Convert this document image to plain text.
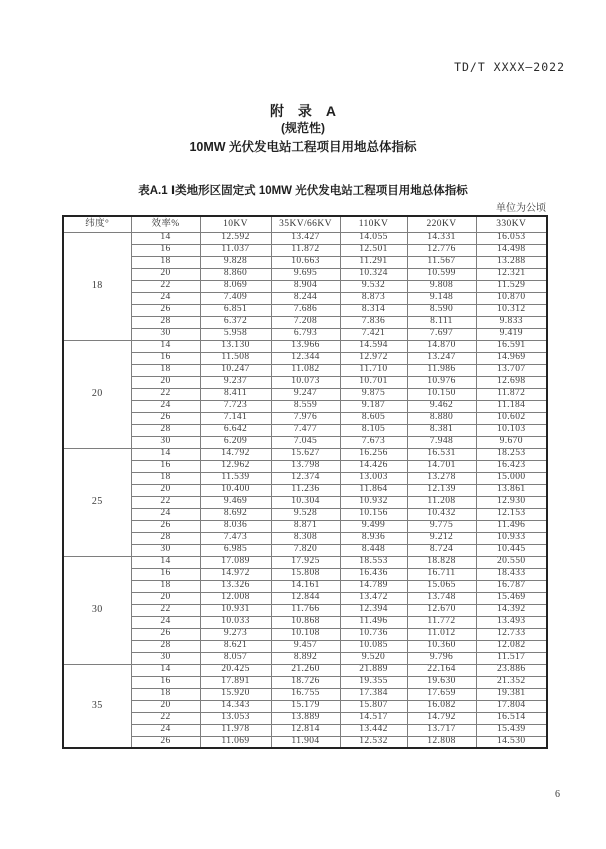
TD/T XXXX—2022
附 录 A
(规范性)
10MW 光伏发电站工程项目用地总体指标
表A.1 Ⅰ类地形区固定式 10MW 光伏发电站工程项目用地总体指标
单位为公顷
纬度°	效率%	10KV	35KV/66KV	110KV	220KV	330KV
18	14	12.592	13.427	14.055	14.331	16.053
	16	11.037	11.872	12.501	12.776	14.498
	18	9.828	10.663	11.291	11.567	13.288
	20	8.860	9.695	10.324	10.599	12.321
	22	8.069	8.904	9.532	9.808	11.529
	24	7.409	8.244	8.873	9.148	10.870
	26	6.851	7.686	8.314	8.590	10.312
	28	6.372	7.208	7.836	8.111	9.833
	30	5.958	6.793	7.421	7.697	9.419
20	14	13.130	13.966	14.594	14.870	16.591
	16	11.508	12.344	12.972	13.247	14.969
	18	10.247	11.082	11.710	11.986	13.707
	20	9.237	10.073	10.701	10.976	12.698
	22	8.411	9.247	9.875	10.150	11.872
	24	7.723	8.559	9.187	9.462	11.184
	26	7.141	7.976	8.605	8.880	10.602
	28	6.642	7.477	8.105	8.381	10.103
	30	6.209	7.045	7.673	7.948	9.670
25	14	14.792	15.627	16.256	16.531	18.253
	16	12.962	13.798	14.426	14.701	16.423
	18	11.539	12.374	13.003	13.278	15.000
	20	10.400	11.236	11.864	12.139	13.861
	22	9.469	10.304	10.932	11.208	12.930
	24	8.692	9.528	10.156	10.432	12.153
	26	8.036	8.871	9.499	9.775	11.496
	28	7.473	8.308	8.936	9.212	10.933
	30	6.985	7.820	8.448	8.724	10.445
30	14	17.089	17.925	18.553	18.828	20.550
	16	14.972	15.808	16.436	16.711	18.433
	18	13.326	14.161	14.789	15.065	16.787
	20	12.008	12.844	13.472	13.748	15.469
	22	10.931	11.766	12.394	12.670	14.392
	24	10.033	10.868	11.496	11.772	13.493
	26	9.273	10.108	10.736	11.012	12.733
	28	8.621	9.457	10.085	10.360	12.082
	30	8.057	8.892	9.520	9.796	11.517
35	14	20.425	21.260	21.889	22.164	23.886
	16	17.891	18.726	19.355	19.630	21.352
	18	15.920	16.755	17.384	17.659	19.381
	20	14.343	15.179	15.807	16.082	17.804
	22	13.053	13.889	14.517	14.792	16.514
	24	11.978	12.814	13.442	13.717	15.439
	26	11.069	11.904	12.532	12.808	14.530
6
